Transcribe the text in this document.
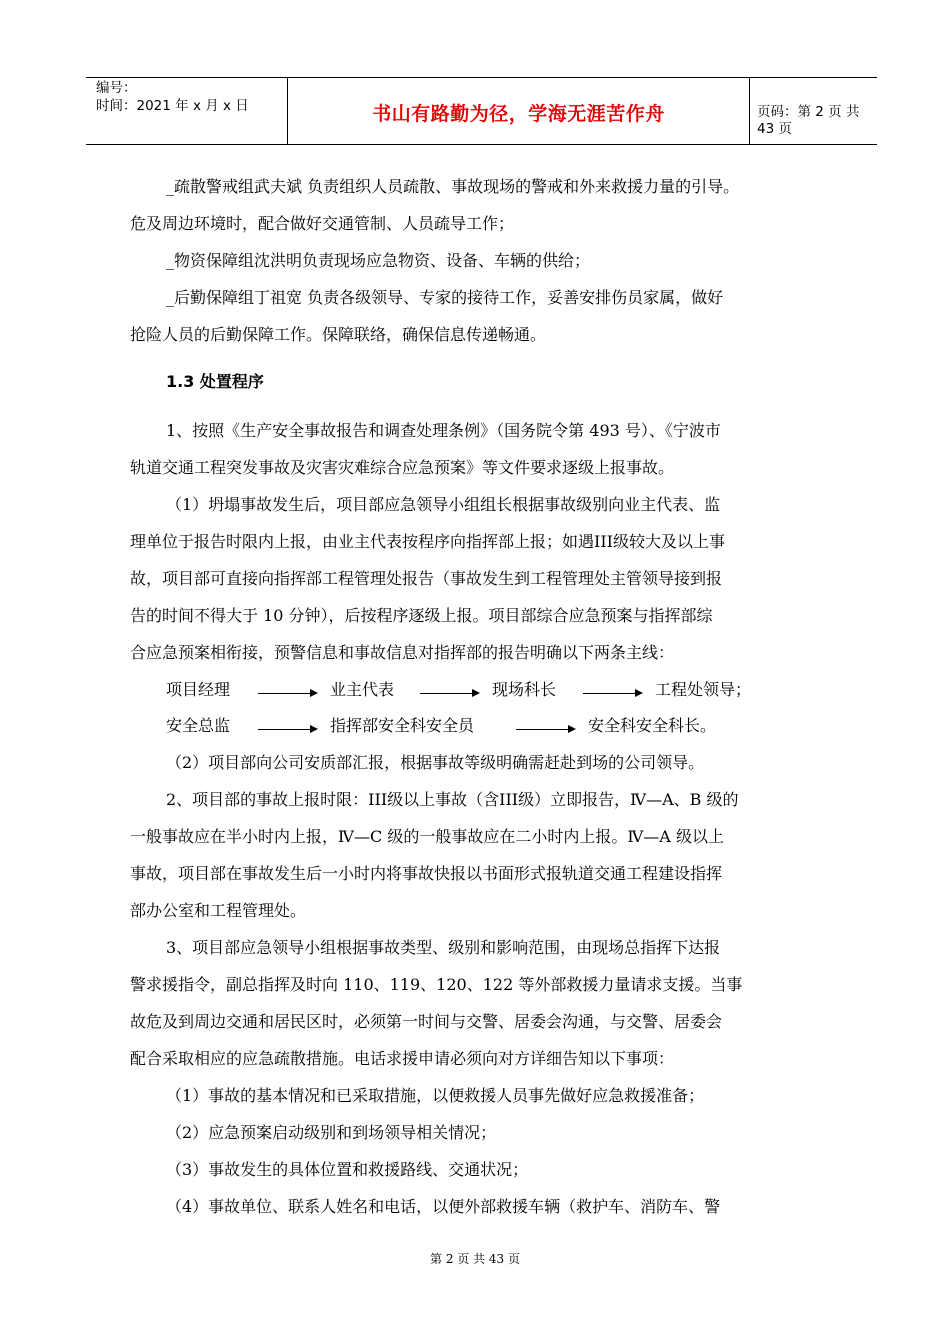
编号：
时间：2021 年 x 月 x 日	书山有路勤为径，学海无涯苦作舟	页码：第 2 页 共 43 页
_疏散警戒组武夫斌 负责组织人员疏散、事故现场的警戒和外来救援力量的引导。
危及周边环境时，配合做好交通管制、人员疏导工作；
_物资保障组沈洪明负责现场应急物资、设备、车辆的供给；
_后勤保障组丁祖宽 负责各级领导、专家的接待工作，妥善安排伤员家属，做好
抢险人员的后勤保障工作。保障联络，确保信息传递畅通。
1.3 处置程序
1、按照《生产安全事故报告和调查处理条例》（国务院令第 493 号）、《宁波市
轨道交通工程突发事故及灾害灾难综合应急预案》等文件要求逐级上报事故。
（1）坍塌事故发生后，项目部应急领导小组组长根据事故级别向业主代表、监
理单位于报告时限内上报，由业主代表按程序向指挥部上报；如遇III级较大及以上事
故，项目部可直接向指挥部工程管理处报告（事故发生到工程管理处主管领导接到报
告的时间不得大于 10 分钟），后按程序逐级上报。项目部综合应急预案与指挥部综
合应急预案相衔接，预警信息和事故信息对指挥部的报告明确以下两条主线：
项目经理	业主代表	现场科长	工程处领导；
安全总监	指挥部安全科安全员	安全科安全科长。
（2）项目部向公司安质部汇报，根据事故等级明确需赶赴到场的公司领导。
2、项目部的事故上报时限：III级以上事故（含III级）立即报告，Ⅳ—A、B 级的
一般事故应在半小时内上报，Ⅳ—C 级的一般事故应在二小时内上报。Ⅳ—A 级以上
事故，项目部在事故发生后一小时内将事故快报以书面形式报轨道交通工程建设指挥
部办公室和工程管理处。
3、项目部应急领导小组根据事故类型、级别和影响范围，由现场总指挥下达报
警求援指令，副总指挥及时向 110、119、120、122 等外部救援力量请求支援。当事
故危及到周边交通和居民区时，必须第一时间与交警、居委会沟通，与交警、居委会
配合采取相应的应急疏散措施。电话求援申请必须向对方详细告知以下事项：
（1）事故的基本情况和已采取措施，以便救援人员事先做好应急救援准备；
（2）应急预案启动级别和到场领导相关情况；
（3）事故发生的具体位置和救援路线、交通状况；
（4）事故单位、联系人姓名和电话，以便外部救援车辆（救护车、消防车、警
第 2 页 共 43 页
